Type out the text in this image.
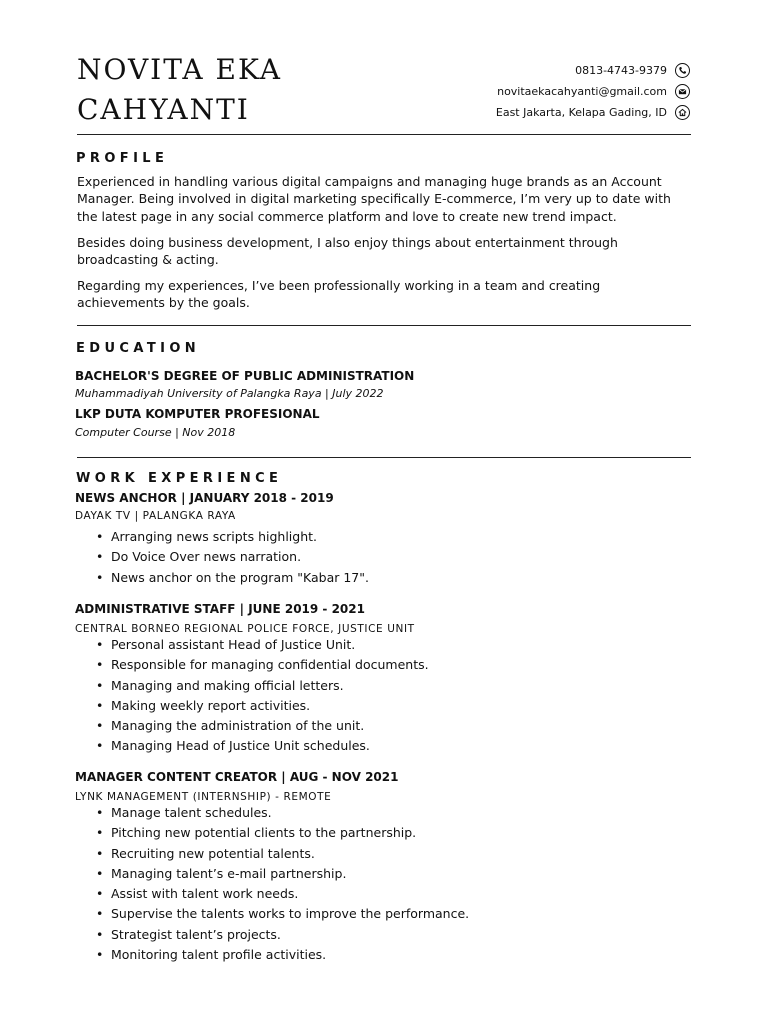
NOVITA EKA
CAHYANTI
0813-4743-9379
novitaekacahyanti@gmail.com
East Jakarta, Kelapa Gading, ID
PROFILE

Experienced in handling various digital campaigns and managing huge brands as an Account Manager. Being involved in digital marketing specifically E-commerce, I’m very up to date with the latest page in any social commerce platform and love to create new trend impact.

Besides doing business development, I also enjoy things about entertainment through broadcasting & acting.

Regarding my experiences, I’ve been professionally working in a team and creating achievements by the goals.

EDUCATION

BACHELOR'S DEGREE OF PUBLIC ADMINISTRATION

Muhammadiyah University of Palangka Raya | July 2022

LKP DUTA KOMPUTER PROFESIONAL

Computer Course | Nov 2018

WORK EXPERIENCE

NEWS ANCHOR | JANUARY 2018 - 2019

DAYAK TV | PALANGKA RAYA

• Arranging news scripts highlight.
• Do Voice Over news narration.
• News anchor on the program "Kabar 17".

ADMINISTRATIVE STAFF | JUNE 2019 - 2021

CENTRAL BORNEO REGIONAL POLICE FORCE, JUSTICE UNIT

• Personal assistant Head of Justice Unit.
• Responsible for managing confidential documents.
• Managing and making official letters.
• Making weekly report activities.
• Managing the administration of the unit.
• Managing Head of Justice Unit schedules.

MANAGER CONTENT CREATOR | AUG - NOV 2021

LYNK MANAGEMENT (INTERNSHIP) - REMOTE

• Manage talent schedules.
• Pitching new potential clients to the partnership.
• Recruiting new potential talents.
• Managing talent’s e-mail partnership.
• Assist with talent work needs.
• Supervise the talents works to improve the performance.
• Strategist talent’s projects.
• Monitoring talent profile activities.
